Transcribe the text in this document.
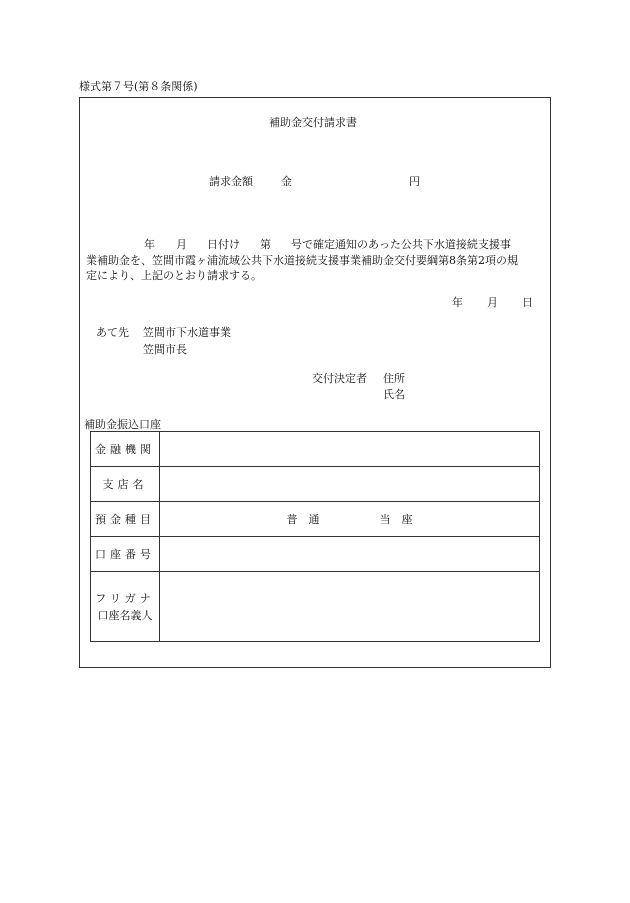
様式第７号(第８条関係)
補助金交付請求書
請求金額	金	円
年 月 日付け 第 号で確定通知のあった公共下水道接続支援事
業補助金を、笠間市霞ヶ浦流域公共下水道接続支援事業補助金交付要綱第8条第2項の規
定により、上記のとおり請求する。
年 月 日
あて先 笠間市下水道事業
笠間市長
交付決定者 住所
氏名
補助金振込口座
金融機関	
支店名	
預金種目	普　通 当　座
口座番号	

フリガナ
口座名義人	
